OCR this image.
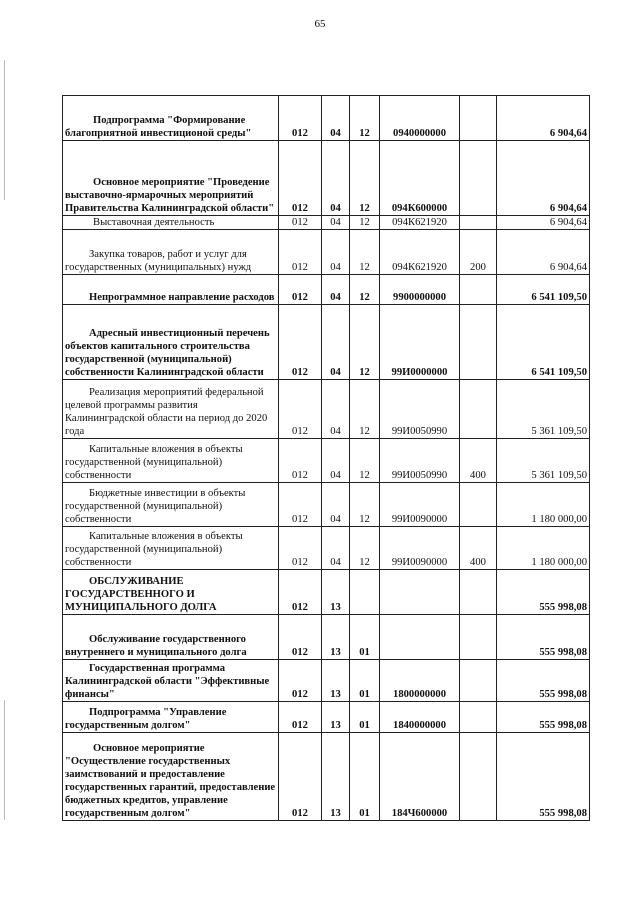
65
Подпрограмма "Формирование благоприятной инвестиционой среды"	012	04	12	0940000000		6 904,64
Основное мероприятие "Проведение выставочно-ярмарочных мероприятий Правительства Калининградской области"	012	04	12	094К600000		6 904,64
Выставочная деятельность	012	04	12	094К621920		6 904,64
Закупка товаров, работ и услуг для государственных (муниципальных) нужд	012	04	12	094К621920	200	6 904,64
Непрограммное направление расходов	012	04	12	9900000000		6 541 109,50
Адресный инвестиционный перечень объектов капитального строительства государственной (муниципальной) собственности Калининградской области	012	04	12	99И0000000		6 541 109,50
Реализация мероприятий федеральной целевой программы развития Калининградской области на период до 2020 года	012	04	12	99И0050990		5 361 109,50
Капитальные вложения в объекты государственной (муниципальной) собственности	012	04	12	99И0050990	400	5 361 109,50
Бюджетные инвестиции в объекты государственной (муниципальной) собственности	012	04	12	99И0090000		1 180 000,00
Капитальные вложения в объекты государственной (муниципальной) собственности	012	04	12	99И0090000	400	1 180 000,00
ОБСЛУЖИВАНИЕ ГОСУДАРСТВЕННОГО И МУНИЦИПАЛЬНОГО ДОЛГА	012	13				555 998,08
Обслуживание государственного внутреннего и муниципального долга	012	13	01			555 998,08
Государственная программа Калининградской области "Эффективные финансы"	012	13	01	1800000000		555 998,08
Подпрограмма "Управление государственным долгом"	012	13	01	1840000000		555 998,08
Основное мероприятие "Осуществление государственных заимствований и предоставление государственных гарантий, предоставление бюджетных кредитов, управление государственным долгом"	012	13	01	184Ч600000		555 998,08
